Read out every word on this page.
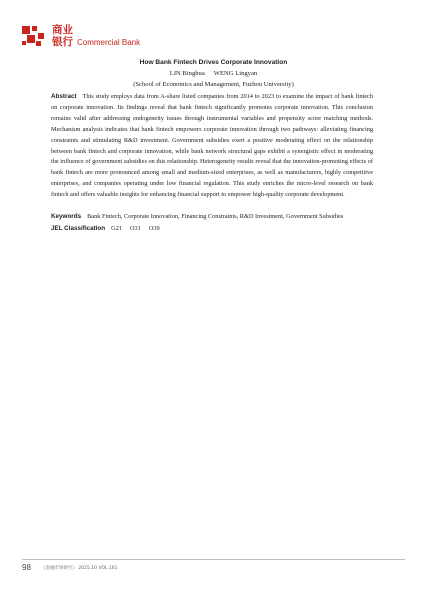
商业
银行 Commercial Bank
How Bank Fintech Drives Corporate Innovation
LIN Binghua WENG Lingyan
(School of Economics and Management, Fuzhou University)
Abstract This study employs data from A-share listed companies from 2014 to 2023 to examine the impact of bank fintech on corporate innovation. Its findings reveal that bank fintech significantly promotes corporate innovation. This conclusion remains valid after addressing endogeneity issues through instrumental variables and propensity score matching methods. Mechanism analysis indicates that bank fintech empowers corporate innovation through two pathways: alleviating financing constraints and stimulating R&D investment. Government subsidies exert a positive moderating effect on the relationship between bank fintech and corporate innovation, while bank network structural gaps exhibit a synergistic effect in moderating the influence of government subsidies on this relationship. Heterogeneity results reveal that the innovation-promoting effects of bank fintech are more pronounced among small and medium-sized enterprises, as well as manufacturers, highly competitive enterprises, and companies operating under low financial regulation. This study enriches the micro-level research on bank fintech and offers valuable insights for enhancing financial support to empower high-quality corporate development.
Keywords Bank Fintech, Corporate Innovation, Financing Constraints, R&D Investment, Government Subsidies
JEL Classification G21 O31 O39
98 《金融市场研究》 2025.10 VOL.161
